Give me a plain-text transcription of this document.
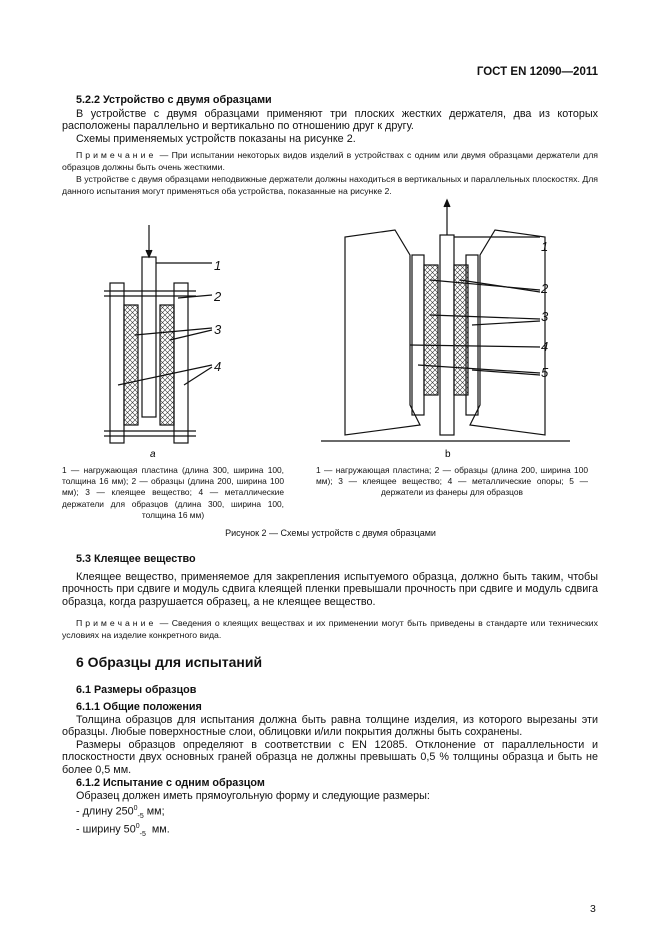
ГОСТ EN 12090—2011
5.2.2 Устройство с двумя образцами
В устройстве с двумя образцами применяют три плоских жестких держателя, два из которых расположены параллельно и вертикально по отношению друг к другу.
Схемы применяемых устройств показаны на рисунке 2.
Примечание — При испытании некоторых видов изделий в устройствах с одним или двумя образцами держатели для образцов должны быть очень жесткими.
В устройстве с двумя образцами неподвижные держатели должны находиться в вертикальных и параллельных плоскостях. Для данного испытания могут применяться оба устройства, показанные на рисунке 2.
1
2
3
4
1
2
3
4
5
a	b
1 — нагружающая пластина (длина 300, ширина 100, толщина 16 мм); 2 — образцы (длина 200, ширина 100 мм); 3 — клеящее вещество; 4 — металлические держатели для образцов (длина 300, ширина 100, толщина 16 мм)
1 — нагружающая пластина; 2 — образцы (длина 200, ширина 100 мм); 3 — клеящее вещество; 4 — металлические опоры; 5 — держатели из фанеры для образцов
Рисунок 2 — Схемы устройств с двумя образцами
5.3 Клеящее вещество
Клеящее вещество, применяемое для закрепления испытуемого образца, должно быть таким, чтобы прочность при сдвиге и модуль сдвига клеящей пленки превышали прочность при сдвиге и модуль сдвига образца, когда разрушается образец, а не клеящее вещество.
Примечание — Сведения о клеящих веществах и их применении могут быть приведены в стандарте или технических условиях на изделие конкретного вида.
6 Образцы для испытаний
6.1 Размеры образцов
6.1.1 Общие положения
Толщина образцов для испытания должна быть равна толщине изделия, из которого вырезаны эти образцы. Любые поверхностные слои, облицовки и/или покрытия должны быть сохранены.
Размеры образцов определяют в соответствии с EN 12085. Отклонение от параллельности и плоскостности двух основных граней образца не должны превышать 0,5 % толщины образца и быть не более 0,5 мм.
6.1.2 Испытание с одним образцом
Образец должен иметь прямоугольную форму и следующие размеры:
- длину $250^0_{-5}$ мм;
- ширину $50^0_{-5}$  мм.
3
